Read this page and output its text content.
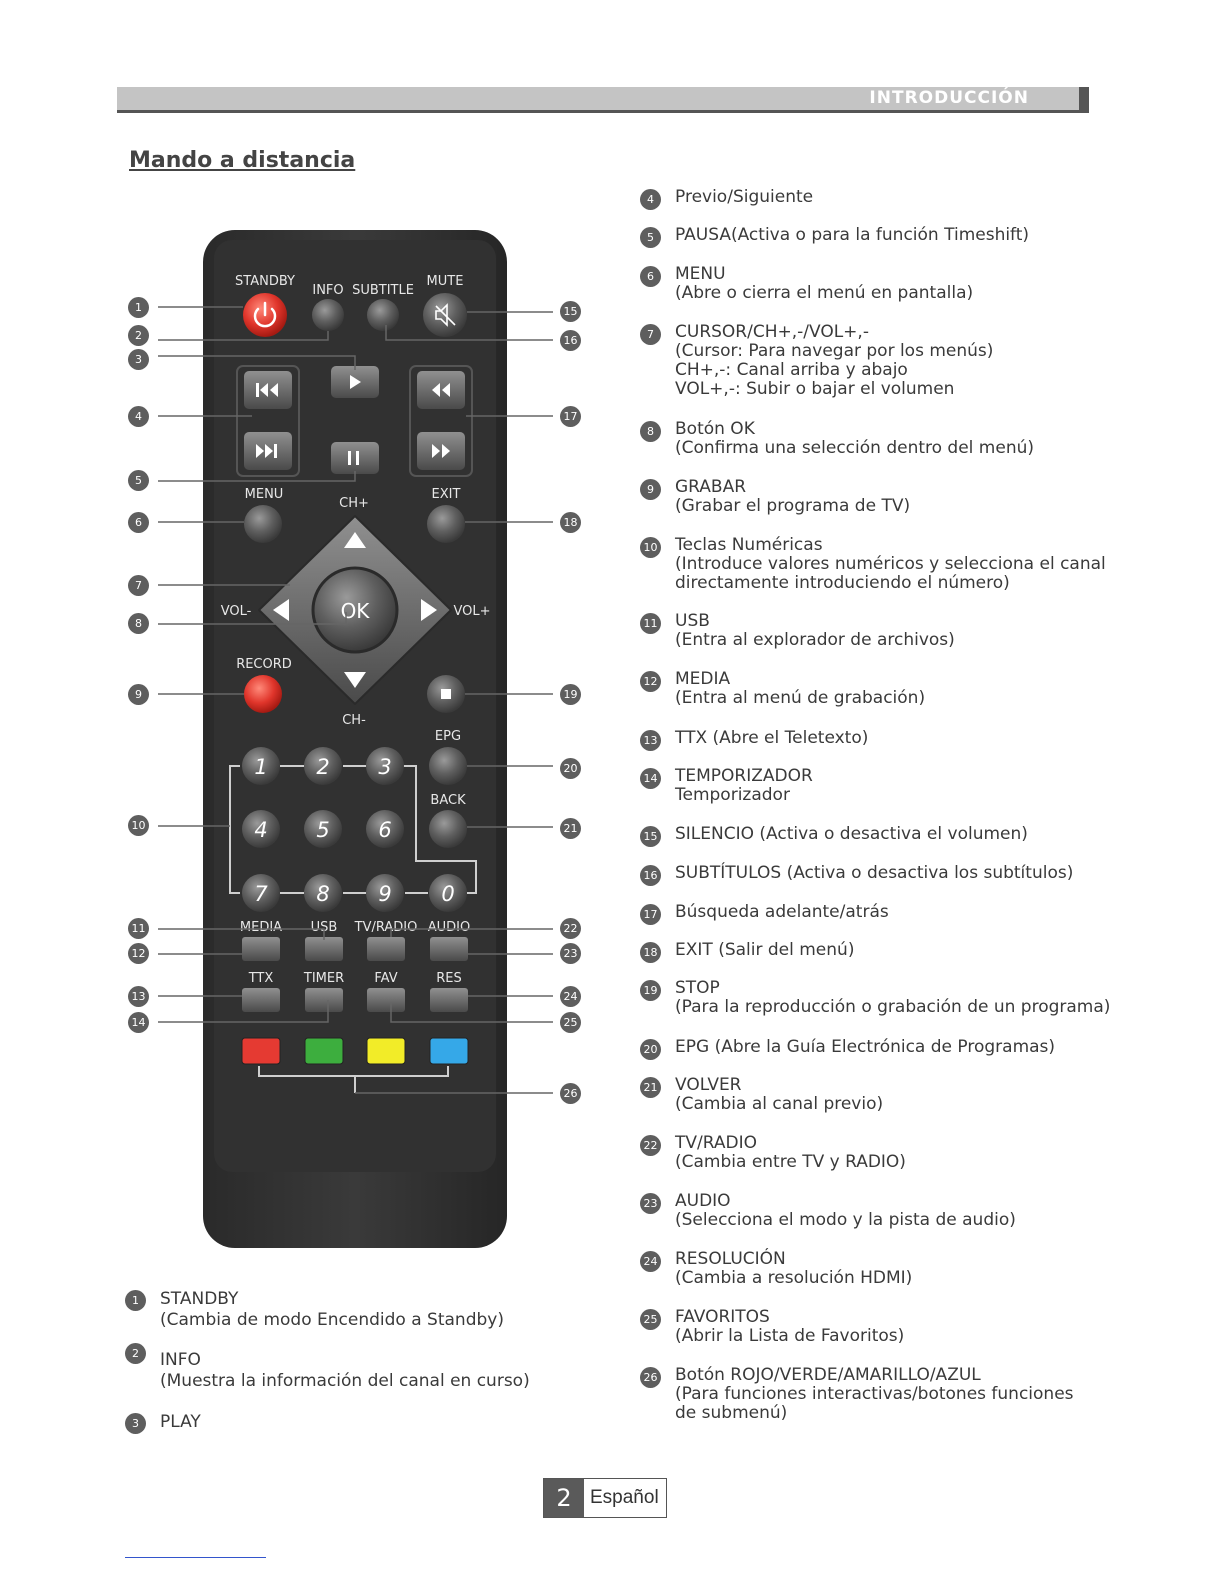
INTRODUCCIÓN
Mando a distancia
STANDBY
INFO SUBTITLE
MUTE
MENU	EXIT
CH+
CH-
VOL-	VOL+
RECORD
EPG
BACK
MEDIA USB TV/RADIO AUDIO
TTX TIMER FAV	RES
OK
1 2 3
4 5 6
7 8 9 0
1
2
3
4
5
6
7
8
9
10
11
12
13
14
15
16
17
18
19
20
21
22
23
24
25
26
1	STANDBY
(Cambia de modo Encendido a Standby)
2	INFO
(Muestra la información del canal en curso)
3	PLAY
4	Previo/Siguiente
5	PAUSA(Activa o para la función Timeshift)
6	MENU
(Abre o cierra el menú en pantalla)
7	CURSOR/CH+,-/VOL+,-
(Cursor: Para navegar por los menús)
CH+,-: Canal arriba y abajo
VOL+,-: Subir o bajar el volumen
8	Botón OK
(Confirma una selección dentro del menú)
9	GRABAR
(Grabar el programa de TV)
10 Teclas Numéricas
(Introduce valores numéricos y selecciona el canal
directamente introduciendo el número)
11 USB
(Entra al explorador de archivos)
12 MEDIA
(Entra al menú de grabación)
13 TTX (Abre el Teletexto)
14 TEMPORIZADOR
Temporizador
15 SILENCIO (Activa o desactiva el volumen)
16 SUBTÍTULOS (Activa o desactiva los subtítulos)
17 Búsqueda adelante/atrás
18 EXIT (Salir del menú)
19 STOP
(Para la reproducción o grabación de un programa)
20 EPG (Abre la Guía Electrónica de Programas)
21 VOLVER
(Cambia al canal previo)
22 TV/RADIO
(Cambia entre TV y RADIO)
23 AUDIO
(Selecciona el modo y la pista de audio)
24 RESOLUCIÓN
(Cambia a resolución HDMI)
25 FAVORITOS
(Abrir la Lista de Favoritos)
26 Botón ROJO/VERDE/AMARILLO/AZUL
(Para funciones interactivas/botones funciones
de submenú)
2 Español
